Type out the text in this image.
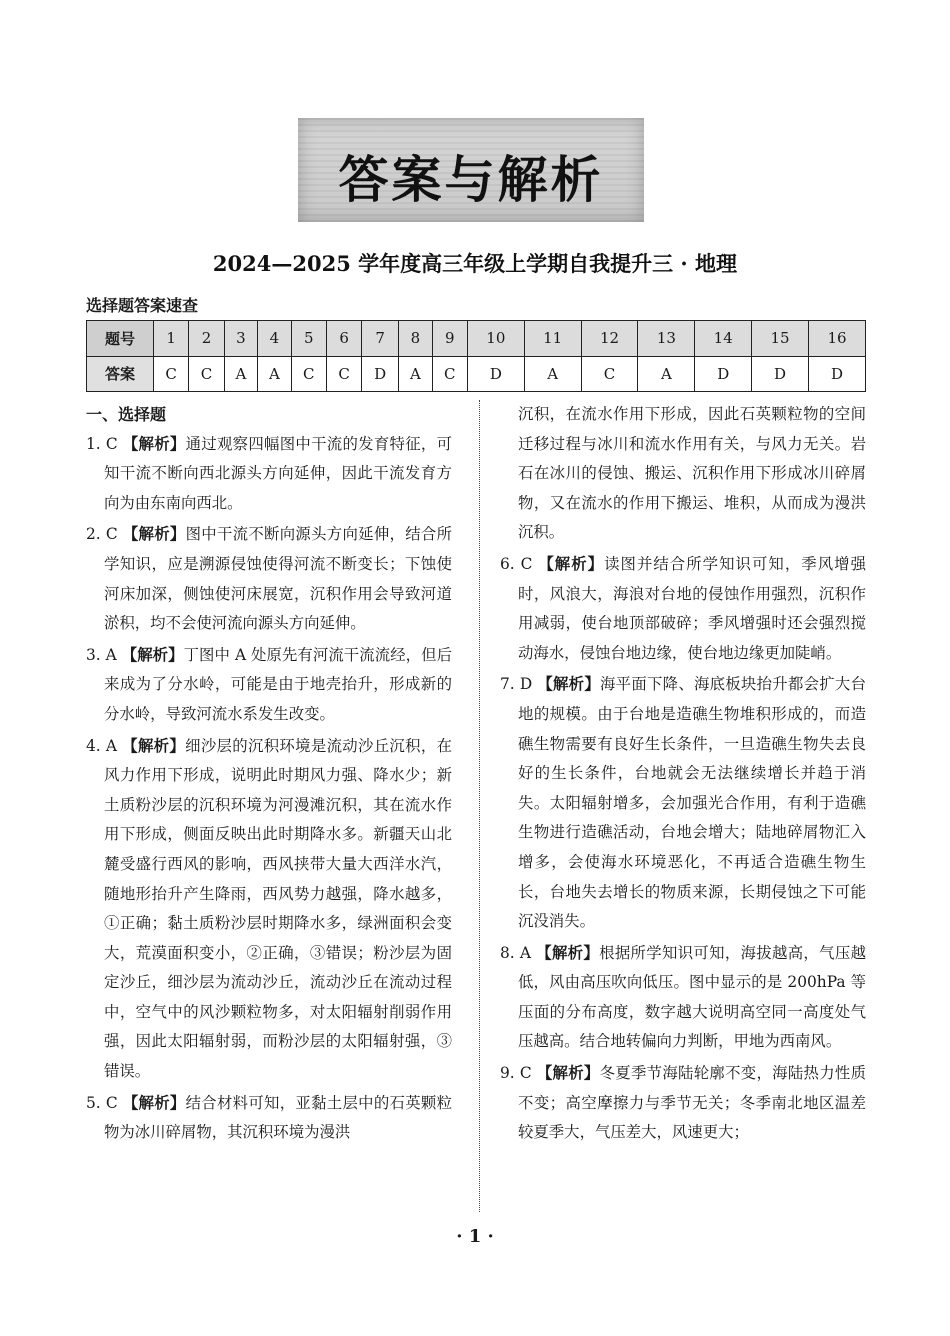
答案与解析
2024—2025 学年度高三年级上学期自我提升三 · 地理
选择题答案速查
题号	1	2	3	4	5	6	7	8	9	10	11	12	13	14	15	16
答案	C	C	A	A	C	C	D	A	C	D	A	C	A	D	D	D
一、选择题
1. C 【解析】通过观察四幅图中干流的发育特征，可知干流不断向西北源头方向延伸，因此干流发育方向为由东南向西北。
2. C 【解析】图中干流不断向源头方向延伸，结合所学知识，应是溯源侵蚀使得河流不断变长；下蚀使河床加深，侧蚀使河床展宽，沉积作用会导致河道淤积，均不会使河流向源头方向延伸。
3. A 【解析】丁图中 A 处原先有河流干流流经，但后来成为了分水岭，可能是由于地壳抬升，形成新的分水岭，导致河流水系发生改变。
4. A 【解析】细沙层的沉积环境是流动沙丘沉积，在风力作用下形成，说明此时期风力强、降水少；新土质粉沙层的沉积环境为河漫滩沉积，其在流水作用下形成，侧面反映出此时期降水多。新疆天山北麓受盛行西风的影响，西风挟带大量大西洋水汽，随地形抬升产生降雨，西风势力越强，降水越多，①正确；黏土质粉沙层时期降水多，绿洲面积会变大，荒漠面积变小，②正确，③错误；粉沙层为固定沙丘，细沙层为流动沙丘，流动沙丘在流动过程中，空气中的风沙颗粒物多，对太阳辐射削弱作用强，因此太阳辐射弱，而粉沙层的太阳辐射强，③错误。
5. C 【解析】结合材料可知，亚黏土层中的石英颗粒物为冰川碎屑物，其沉积环境为漫洪
沉积，在流水作用下形成，因此石英颗粒物的空间迁移过程与冰川和流水作用有关，与风力无关。岩石在冰川的侵蚀、搬运、沉积作用下形成冰川碎屑物，又在流水的作用下搬运、堆积，从而成为漫洪沉积。
6. C 【解析】读图并结合所学知识可知，季风增强时，风浪大，海浪对台地的侵蚀作用强烈，沉积作用减弱，使台地顶部破碎；季风增强时还会强烈搅动海水，侵蚀台地边缘，使台地边缘更加陡峭。
7. D 【解析】海平面下降、海底板块抬升都会扩大台地的规模。由于台地是造礁生物堆积形成的，而造礁生物需要有良好生长条件，一旦造礁生物失去良好的生长条件，台地就会无法继续增长并趋于消失。太阳辐射增多，会加强光合作用，有利于造礁生物进行造礁活动，台地会增大；陆地碎屑物汇入增多，会使海水环境恶化，不再适合造礁生物生长，台地失去增长的物质来源，长期侵蚀之下可能沉没消失。
8. A 【解析】根据所学知识可知，海拔越高，气压越低，风由高压吹向低压。图中显示的是 200hPa 等压面的分布高度，数字越大说明高空同一高度处气压越高。结合地转偏向力判断，甲地为西南风。
9. C 【解析】冬夏季节海陆轮廓不变，海陆热力性质不变；高空摩擦力与季节无关；冬季南北地区温差较夏季大，气压差大，风速更大；
· 1 ·
